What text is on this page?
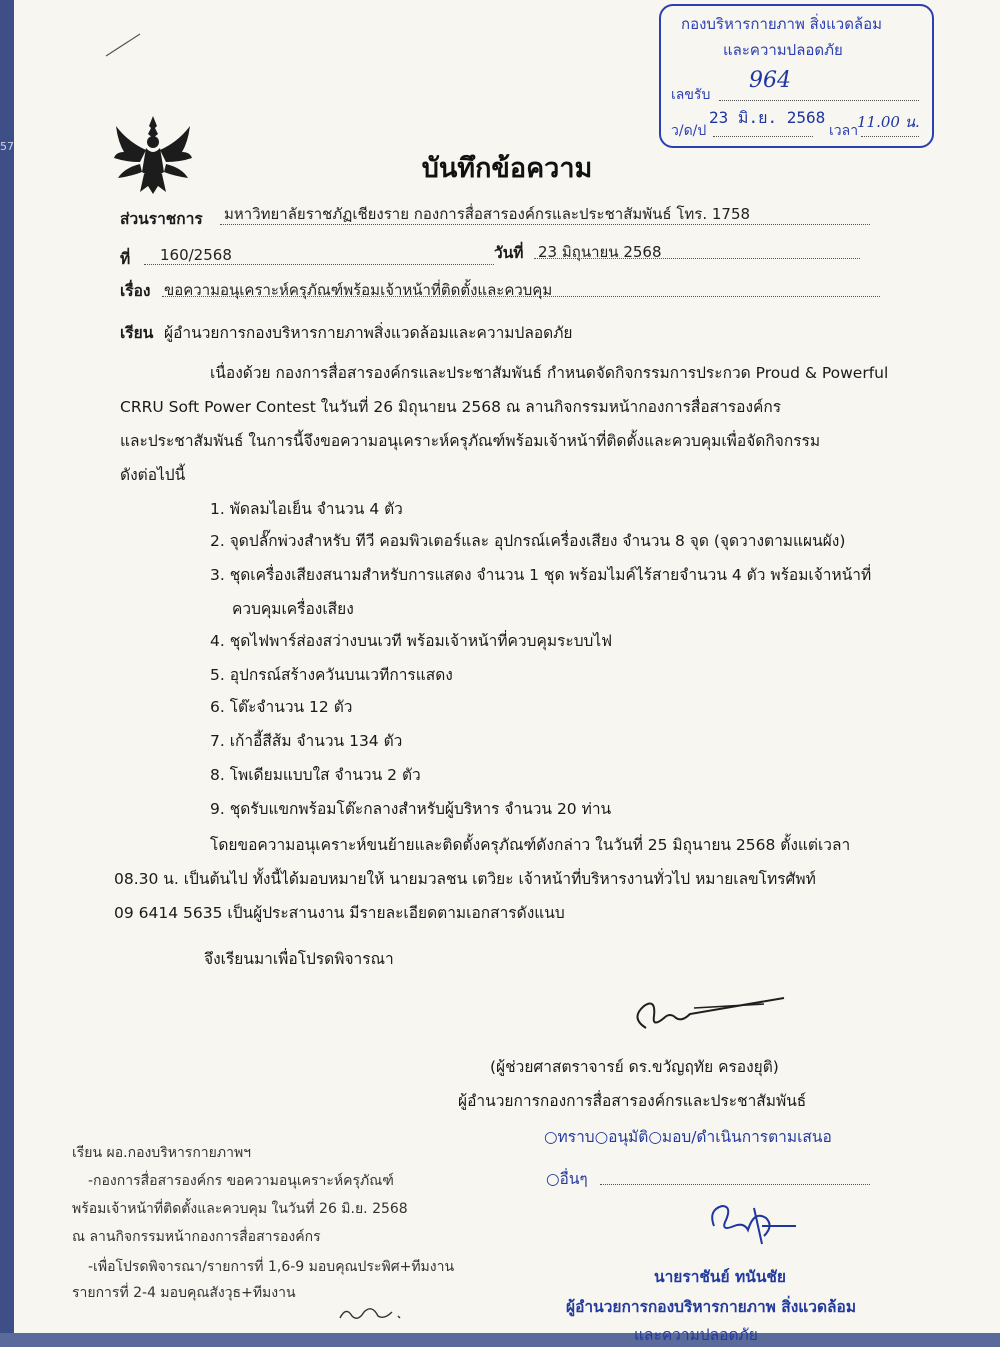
57
กองบริหารกายภาพ สิ่งแวดล้อม
และความปลอดภัย
เลขรับ
964
ว/ด/ป
23 มิ.ย. 2568
เวลา
11.00 น.
บันทึกข้อความ
ส่วนราชการ มหาวิทยาลัยราชภัฏเชียงราย กองการสื่อสารองค์กรและประชาสัมพันธ์ โทร. 1758
ที่ 160/2568	วันที่ 23 มิถุนายน 2568
เรื่อง ขอความอนุเคราะห์ครุภัณฑ์พร้อมเจ้าหน้าที่ติดตั้งและควบคุม
เรียน ผู้อำนวยการกองบริหารกายภาพสิ่งแวดล้อมและความปลอดภัย
เนื่องด้วย กองการสื่อสารองค์กรและประชาสัมพันธ์ กำหนดจัดกิจกรรมการประกวด Proud & Powerful
CRRU Soft Power Contest ในวันที่ 26 มิถุนายน 2568 ณ ลานกิจกรรมหน้ากองการสื่อสารองค์กร
และประชาสัมพันธ์ ในการนี้จึงขอความอนุเคราะห์ครุภัณฑ์พร้อมเจ้าหน้าที่ติดตั้งและควบคุมเพื่อจัดกิจกรรม
ดังต่อไปนี้
1. พัดลมไอเย็น จำนวน 4 ตัว
2. จุดปลั๊กพ่วงสำหรับ ทีวี คอมพิวเตอร์และ อุปกรณ์เครื่องเสียง จำนวน 8 จุด (จุดวางตามแผนผัง)
3. ชุดเครื่องเสียงสนามสำหรับการแสดง จำนวน 1 ชุด พร้อมไมค์ไร้สายจำนวน 4 ตัว พร้อมเจ้าหน้าที่
ควบคุมเครื่องเสียง
4. ชุดไฟพาร์ส่องสว่างบนเวที พร้อมเจ้าหน้าที่ควบคุมระบบไฟ
5. อุปกรณ์สร้างควันบนเวทีการแสดง
6. โต๊ะจำนวน 12 ตัว
7. เก้าอี้สีส้ม จำนวน 134 ตัว
8. โพเดียมแบบใส จำนวน 2 ตัว
9. ชุดรับแขกพร้อมโต๊ะกลางสำหรับผู้บริหาร จำนวน 20 ท่าน
โดยขอความอนุเคราะห์ขนย้ายและติดตั้งครุภัณฑ์ดังกล่าว ในวันที่ 25 มิถุนายน 2568 ตั้งแต่เวลา
08.30 น. เป็นต้นไป ทั้งนี้ได้มอบหมายให้ นายมวลชน เตวิยะ เจ้าหน้าที่บริหารงานทั่วไป หมายเลขโทรศัพท์
09 6414 5635 เป็นผู้ประสานงาน มีรายละเอียดตามเอกสารดังแนบ
จึงเรียนมาเพื่อโปรดพิจารณา
(ผู้ช่วยศาสตราจารย์ ดร.ขวัญฤทัย ครองยุติ)
ผู้อำนวยการกองการสื่อสารองค์กรและประชาสัมพันธ์
○ทราบ○อนุมัติ○มอบ/ดำเนินการตามเสนอ
○อื่นๆ
นายราชันย์ ทนันชัย
ผู้อำนวยการกองบริหารกายภาพ สิ่งแวดล้อม
และความปลอดภัย
เรียน ผอ.กองบริหารกายภาพฯ
-กองการสื่อสารองค์กร ขอความอนุเคราะห์ครุภัณฑ์
พร้อมเจ้าหน้าที่ติดตั้งและควบคุม ในวันที่ 26 มิ.ย. 2568
ณ ลานกิจกรรมหน้ากองการสื่อสารองค์กร
-เพื่อโปรดพิจารณา/รายการที่ 1,6-9 มอบคุณประพิศ+ทีมงาน
รายการที่ 2-4 มอบคุณสังวุธ+ทีมงาน
